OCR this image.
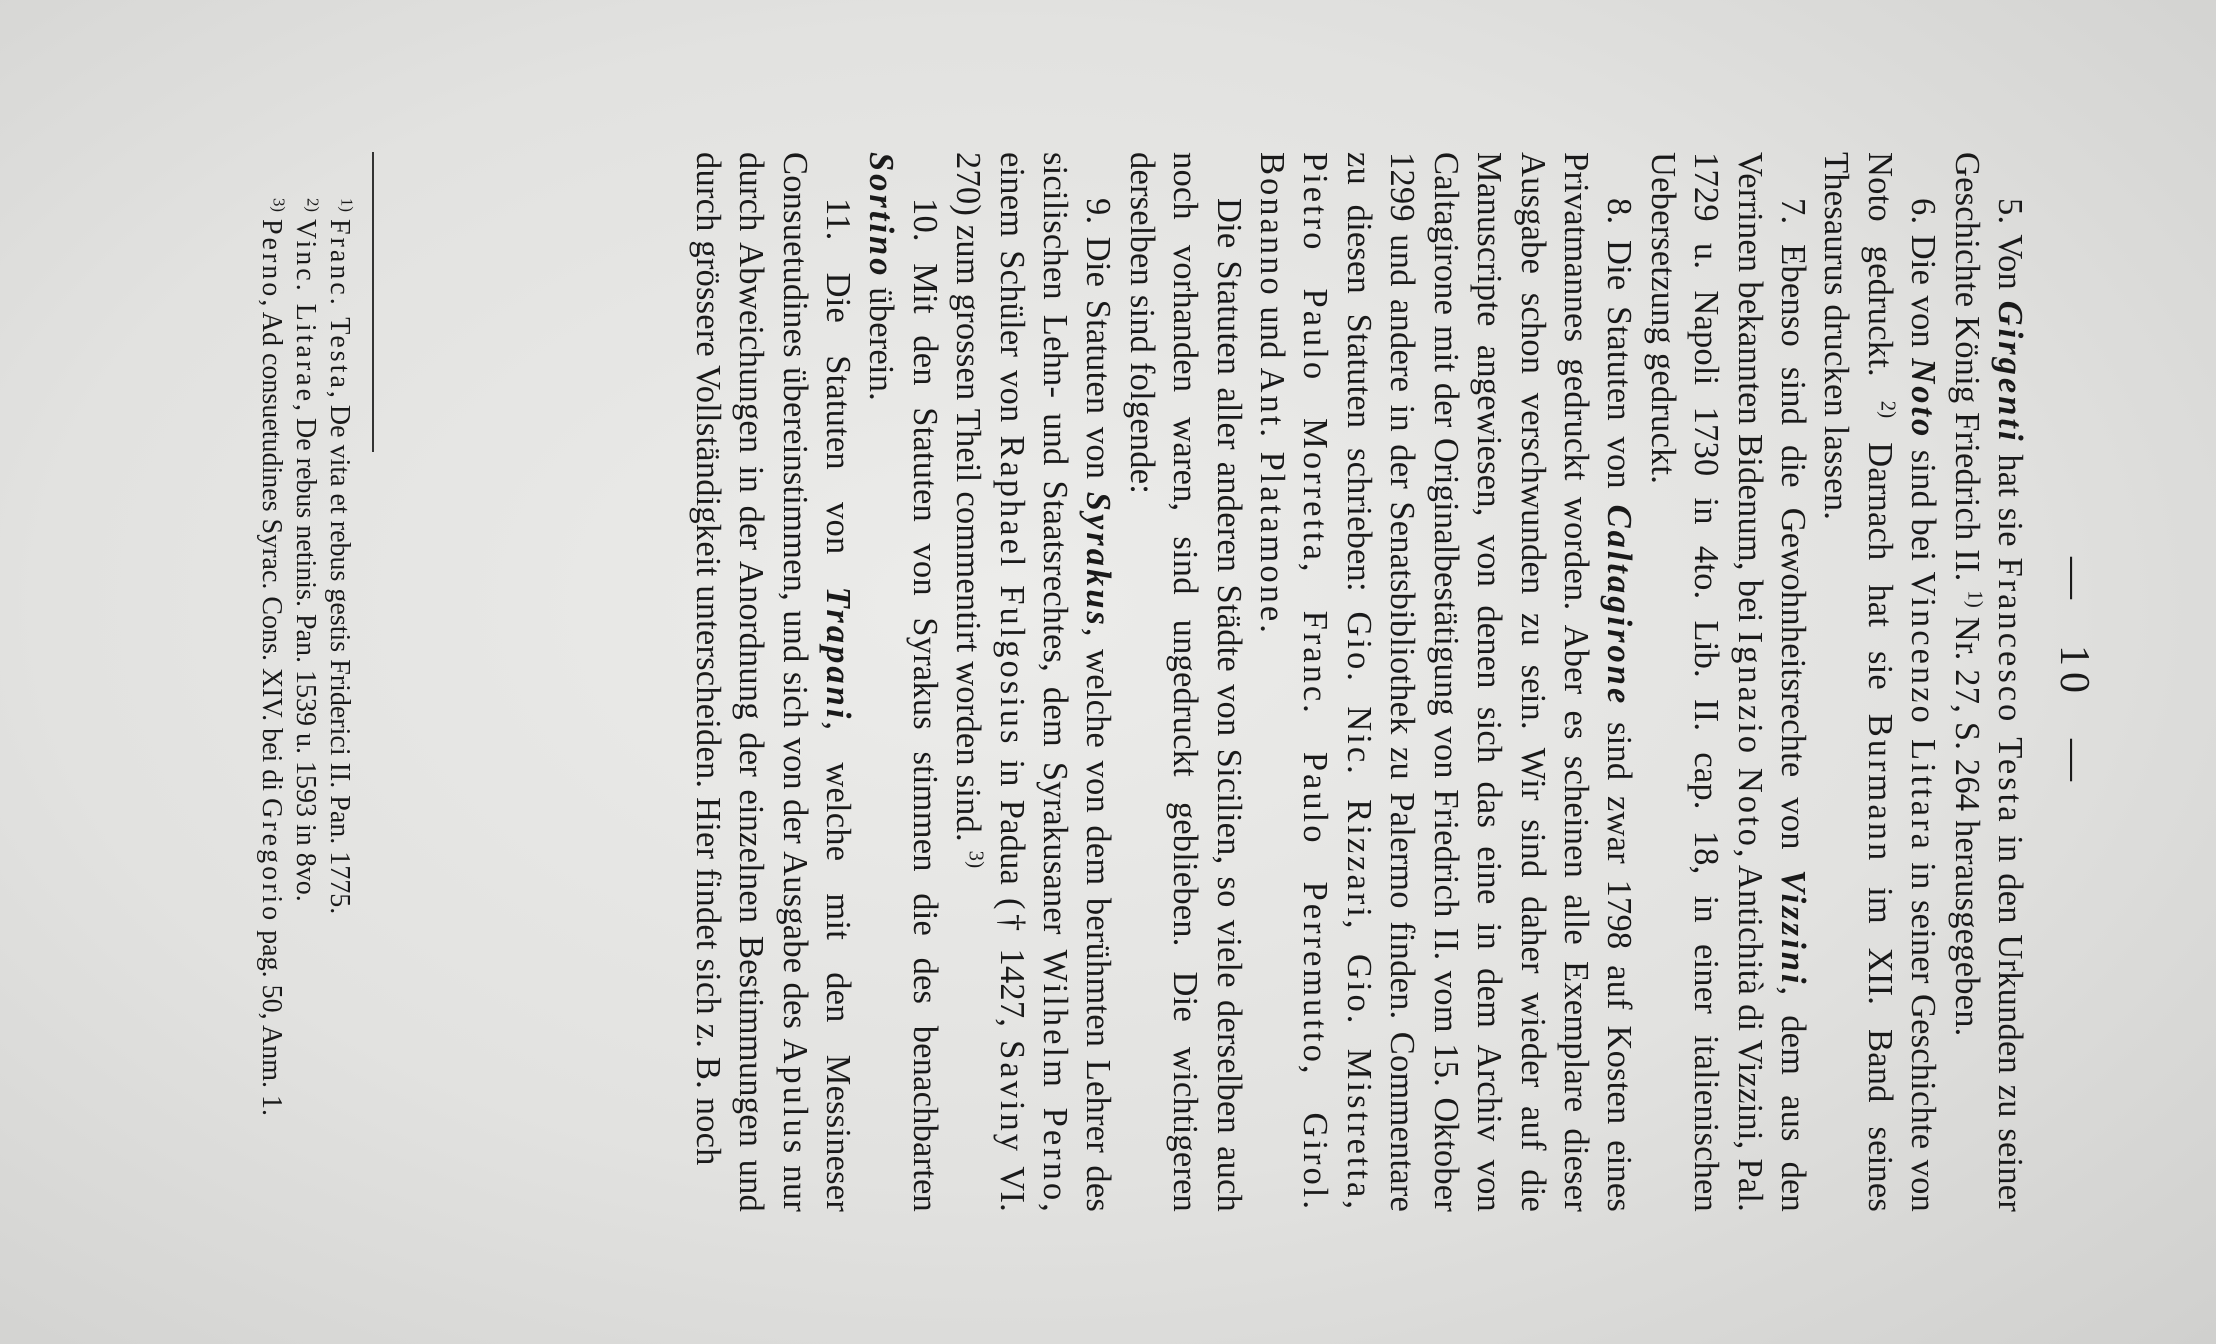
—10—

5. Von Girgenti hat sie Francesco Testa in den Urkunden zu seiner Geschichte König Friedrich II. $^{1)}$ Nr. 27, S. 264 herausgegeben.

6. Die von Noto sind bei Vincenzo Littara in seiner Geschichte von Noto gedruckt. $^{2)}$ Darnach hat sie Burmann im XII. Band seines Thesaurus drucken lassen.

7. Ebenso sind die Gewohnheitsrechte von Vizzini, dem aus den Verrinen bekannten Bidenum, bei Ignazio Noto, Antichità di Vizzini, Pal. 1729 u. Napoli 1730 in 4to. Lib. II. cap. 18, in einer italienischen Uebersetzung gedruckt.

8. Die Statuten von Caltagirone sind zwar 1798 auf Kosten eines Privatmannes gedruckt worden. Aber es scheinen alle Exemplare dieser Ausgabe schon verschwunden zu sein. Wir sind daher wieder auf die Manuscripte angewiesen, von denen sich das eine in dem Archiv von Caltagirone mit der Originalbestätigung von Friedrich II. vom 15. Oktober 1299 und andere in der Senatsbibliothek zu Palermo finden. Commentare zu diesen Statuten schrieben: Gio. Nic. Rizzari, Gio. Mistretta, Pietro Paulo Morretta, Franc. Paulo Perremutto, Girol. Bonanno und Ant. Platamone.

Die Statuten aller anderen Städte von Sicilien, so viele derselben auch noch vorhanden waren, sind ungedruckt geblieben. Die wichtigeren derselben sind folgende:

9. Die Statuten von Syrakus, welche von dem berühmten Lehrer des sicilischen Lehn- und Staatsrechtes, dem Syrakusaner Wilhelm Perno, einem Schüler von Raphael Fulgosius in Padua († 1427, Saviny VI. 270) zum grossen Theil commentirt worden sind. $^{3)}$

10. Mit den Statuten von Syrakus stimmen die des benachbarten Sortino überein.

11. Die Statuten von Trapani, welche mit den Messineser Consuetudines übereinstimmen, und sich von der Ausgabe des Apulus nur durch Abweichungen in der Anordnung der einzelnen Bestimmungen und durch grössere Vollständigkeit unterscheiden. Hier findet sich z. B. noch

$^{1)}$ Franc. Testa, De vita et rebus gestis Friderici II. Pan. 1775.

$^{2)}$ Vinc. Litarae, De rebus netinis. Pan. 1539 u. 1593 in 8vo.

$^{3)}$ Perno, Ad consuetudines Syrac. Cons. XIV. bei di Gregorio pag. 50, Anm. 1.
